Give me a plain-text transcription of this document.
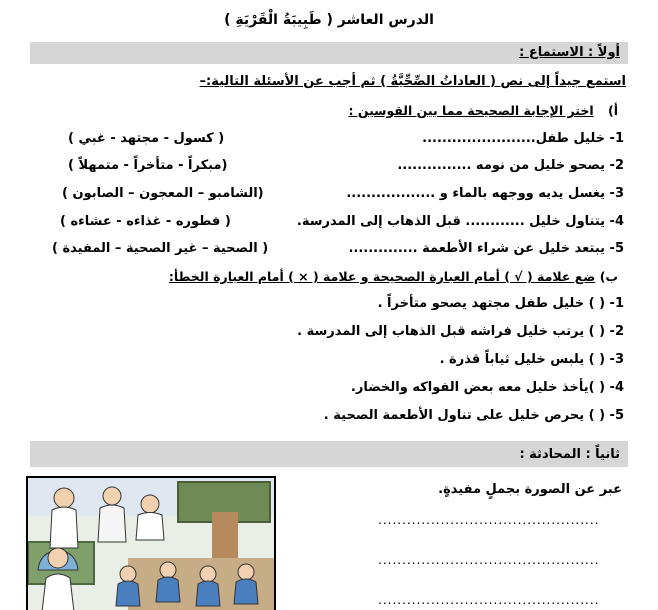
الدرس العاشر ( طَبِيبَةُ الْقَرْيَةِ )
أولاً : الاستماع :
استمع جيداً إلى نص ( العاداتُ الصِّحِّيَّةُ ) ثم أجب عن الأسئلة التالية:–
أ) اختر الإجابة الصحيحة مما بين القوسين :
1- خليل طفل.......................
( كسول - مجتهد - غبي )
2- يصحو خليل من نومه ...............
(مبكراً - متأخراً - متمهلاً )
3- يغسل يديه ووجهه بالماء و ..................
(الشامبو – المعجون – الصابون )
4- يتناول خليل ............ قبل الذهاب إلى المدرسة.
( فطوره - غذاءه - عشاءه )
5- يبتعد خليل عن شراء الأطعمة ..............
( الصحية – غير الصحية – المفيدة )
ب) ضع علامة ( √ ) أمام العبارة الصحيحة و علامة ( × ) أمام العبارة الخطأ:
1- ( ) خليل طفل مجتهد يصحو متأخراً .
2- ( ) يرتب خليل فراشه قبل الذهاب إلى المدرسة .
3- ( ) يلبس خليل ثياباً قذرة .
4- ( )يأخذ خليل معه بعض الفواكه والخضار.
5- ( ) يحرص خليل على تناول الأطعمة الصحية .
ثانياً : المحادثة :
عبر عن الصورة بجملٍ مفيدةٍ.
..............................................
..............................................
..............................................
